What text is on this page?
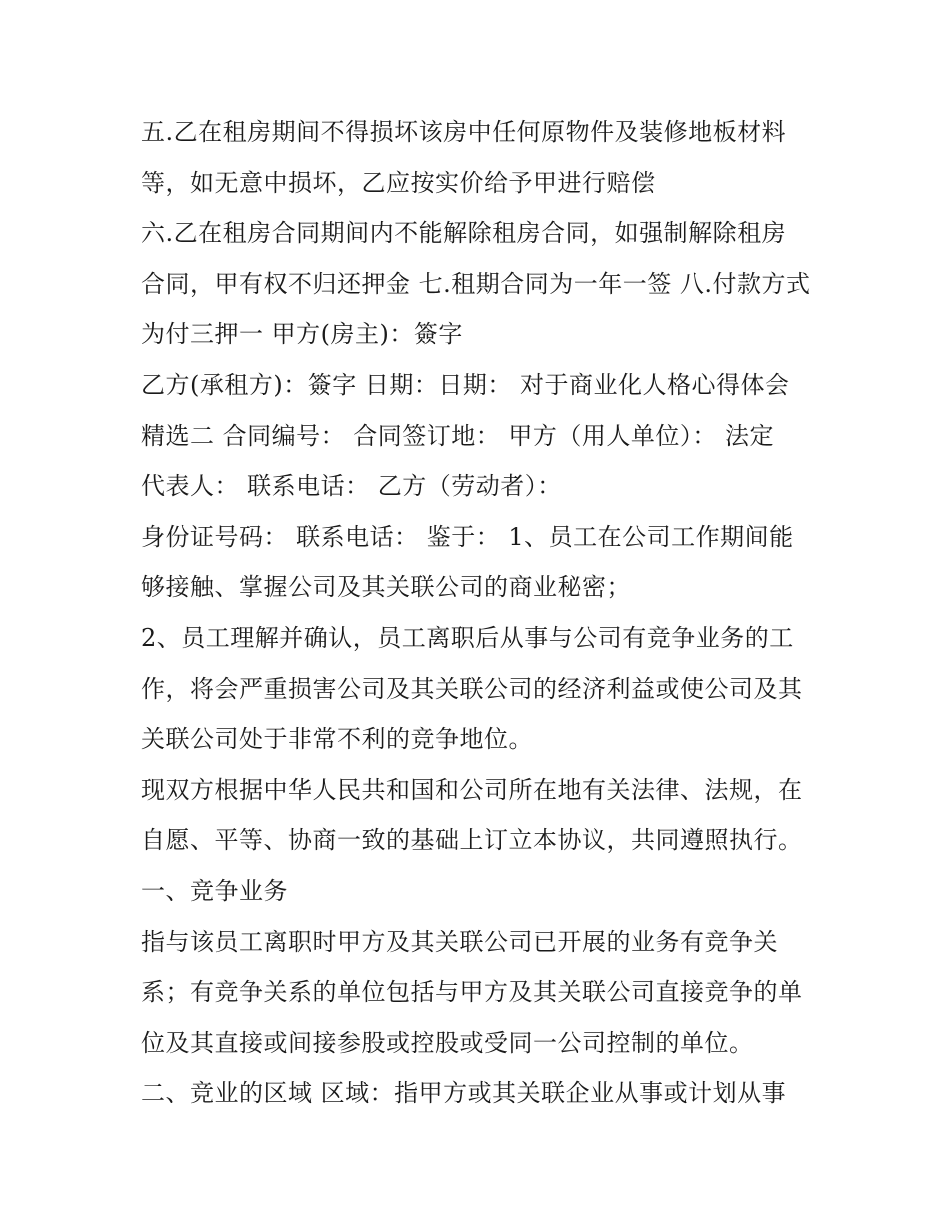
五.乙在租房期间不得损坏该房中任何原物件及装修地板材料
等，如无意中损坏，乙应按实价给予甲进行赔偿
六.乙在租房合同期间内不能解除租房合同，如强制解除租房
合同，甲有权不归还押金 七.租期合同为一年一签 八.付款方式
为付三押一 甲方(房主)：簽字
乙方(承租方)：簽字 日期：日期： 对于商业化人格心得体会
精选二 合同编号： 合同签订地： 甲方（用人单位）： 法定
代表人： 联系电话： 乙方（劳动者）：
身份证号码： 联系电话： 鉴于： 1、员工在公司工作期间能
够接触、掌握公司及其关联公司的商业秘密；
2、员工理解并确认，员工离职后从事与公司有竞争业务的工
作，将会严重损害公司及其关联公司的经济利益或使公司及其
关联公司处于非常不利的竞争地位。
现双方根据中华人民共和国和公司所在地有关法律、法规，在
自愿、平等、协商一致的基础上订立本协议，共同遵照执行。
一、竞争业务
指与该员工离职时甲方及其关联公司已开展的业务有竞争关
系；有竞争关系的单位包括与甲方及其关联公司直接竞争的单
位及其直接或间接参股或控股或受同一公司控制的单位。
二、竞业的区域 区域：指甲方或其关联企业从事或计划从事
